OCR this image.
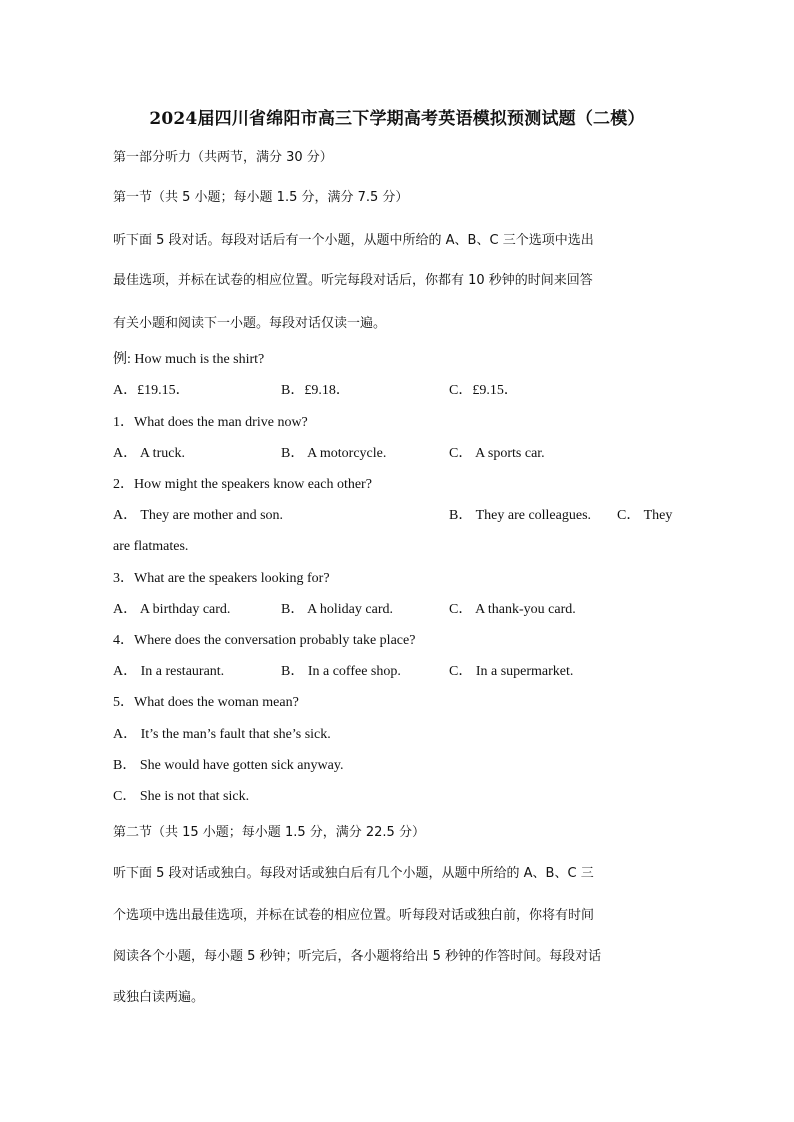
2024届四川省绵阳市高三下学期高考英语模拟预测试题（二模）
第一部分听力（共两节，满分 30 分）
第一节（共 5 小题；每小题 1.5 分，满分 7.5 分）
听下面 5 段对话。每段对话后有一个小题，从题中所给的 A、B、C 三个选项中选出
最佳选项，并标在试卷的相应位置。听完每段对话后，你都有 10 秒钟的时间来回答
有关小题和阅读下一小题。每段对话仅读一遍。
例: How much is the shirt?
A．£19.15．	B．£9.18．	C．£9.15．
1．What does the man drive now?
A． A truck.	B． A motorcycle.	C． A sports car.
2．How might the speakers know each other?
A． They are mother and son.	B． They are colleagues. C． They
are flatmates.
3．What are the speakers looking for?
A． A birthday card.	B． A holiday card.	C． A thank-you card.
4．Where does the conversation probably take place?
A． In a restaurant.	B． In a coffee shop.	C． In a supermarket.
5．What does the woman mean?
A． It’s the man’s fault that she’s sick.
B． She would have gotten sick anyway.
C． She is not that sick.
第二节（共 15 小题；每小题 1.5 分，满分 22.5 分）
听下面 5 段对话或独白。每段对话或独白后有几个小题，从题中所给的 A、B、C 三
个选项中选出最佳选项，并标在试卷的相应位置。听每段对话或独白前，你将有时间
阅读各个小题，每小题 5 秒钟；听完后，各小题将给出 5 秒钟的作答时间。每段对话
或独白读两遍。
